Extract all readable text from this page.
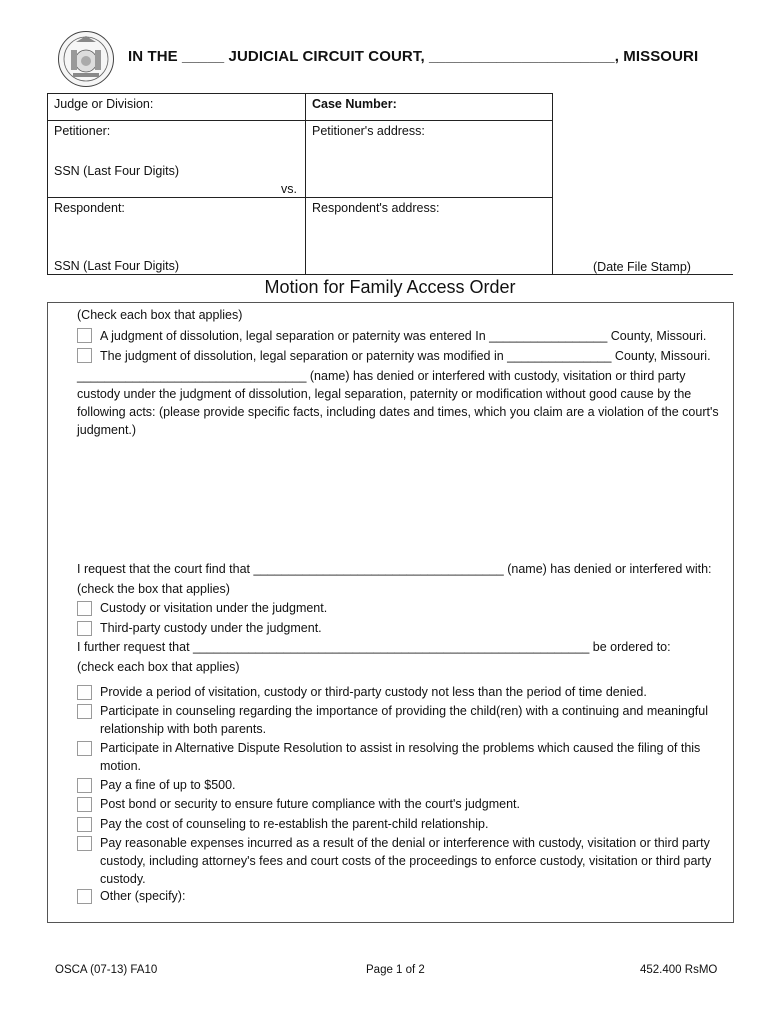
IN THE _____ JUDICIAL CIRCUIT COURT, ______________________, MISSOURI
Judge or Division:	Case Number:
Petitioner:
SSN (Last Four Digits)
vs.	Petitioner's address:
Respondent:
SSN (Last Four Digits)	Respondent's address:
(Date File Stamp)
Motion for Family Access Order
(Check each box that applies)
A judgment of dissolution, legal separation or paternity was entered In _________________ County, Missouri.
The judgment of dissolution, legal separation or paternity was modified in _______________ County, Missouri.
_________________________________ (name) has denied or interfered with custody, visitation or third party
custody under the judgment of dissolution, legal separation, paternity or modification without good cause by the
following acts: (please provide specific facts, including dates and times, which you claim are a violation of the court's
judgment.)
I request that the court find that ____________________________________ (name) has denied or interfered with:
(check the box that applies)
Custody or visitation under the judgment.
Third-party custody under the judgment.
I further request that _________________________________________________________ be ordered to:
(check each box that applies)
Provide a period of visitation, custody or third-party custody not less than the period of time denied.
Participate in counseling regarding the importance of providing the child(ren) with a continuing and meaningful relationship with both parents.
Participate in Alternative Dispute Resolution to assist in resolving the problems which caused the filing of this motion.
Pay a fine of up to $500.
Post bond or security to ensure future compliance with the court's judgment.
Pay the cost of counseling to re-establish the parent-child relationship.
Pay reasonable expenses incurred as a result of the denial or interference with custody, visitation or third party custody, including attorney's fees and court costs of the proceedings to enforce custody, visitation or third party custody.
Other (specify):
OSCA (07-13) FA10	Page 1 of 2	452.400 RsMO
